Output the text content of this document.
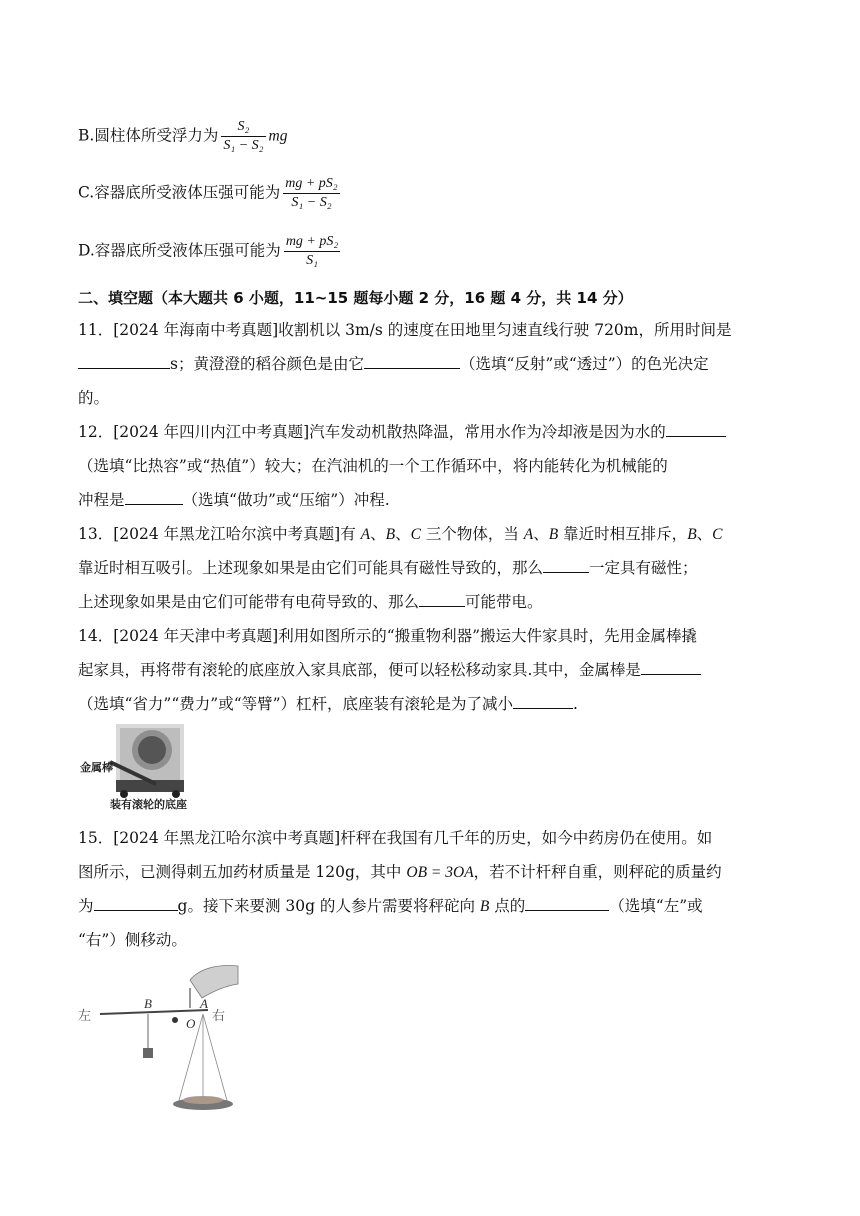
B.圆柱体所受浮力为 $\frac{\text{S₂}}{\text{S₁ − S₂}}$ mg
C.容器底所受液体压强可能为 $\frac{\text{mg + pS₂}}{\text{S₁ − S₂}}$
D.容器底所受液体压强可能为 $\frac{\text{mg + pS₂}}{\text{S₁}}$
二、填空题（本大题共 6 小题，11~15 题每小题 2 分，16 题 4 分，共 14 分）
11．[2024 年海南中考真题]收割机以 3m/s 的速度在田地里匀速直线行驶 720m，所用时间是
s；黄澄澄的稻谷颜色是由它	（选填“反射”或“透过”）的色光决定
的。
12．[2024 年四川内江中考真题]汽车发动机散热降温，常用水作为冷却液是因为水的
（选填“比热容”或“热值”）较大；在汽油机的一个工作循环中，将内能转化为机械能的
冲程是	（选填“做功”或“压缩”）冲程.
13．[2024 年黑龙江哈尔滨中考真题]有 A、B、C 三个物体，当 A、B 靠近时相互排斥，B、C
靠近时相互吸引。上述现象如果是由它们可能具有磁性导致的，那么	一定具有磁性；
上述现象如果是由它们可能带有电荷导致的、那么	可能带电。
14．[2024 年天津中考真题]利用如图所示的“搬重物利器”搬运大件家具时，先用金属棒撬
起家具，再将带有滚轮的底座放入家具底部，便可以轻松移动家具.其中，金属棒是
（选填“省力”“费力”或“等臂”）杠杆，底座装有滚轮是为了减小	.
金属棒
装有滚轮的底座
15．[2024 年黑龙江哈尔滨中考真题]杆秤在我国有几千年的历史，如今中药房仍在使用。如
图所示，已测得刺五加药材质量是 120g，其中 OB = 3OA，若不计杆秤自重，则秤砣的质量约
为	g。接下来要测 30g 的人参片需要将秤砣向 B 点的	（选填“左”或
“右”）侧移动。
左	右
B	A
O
